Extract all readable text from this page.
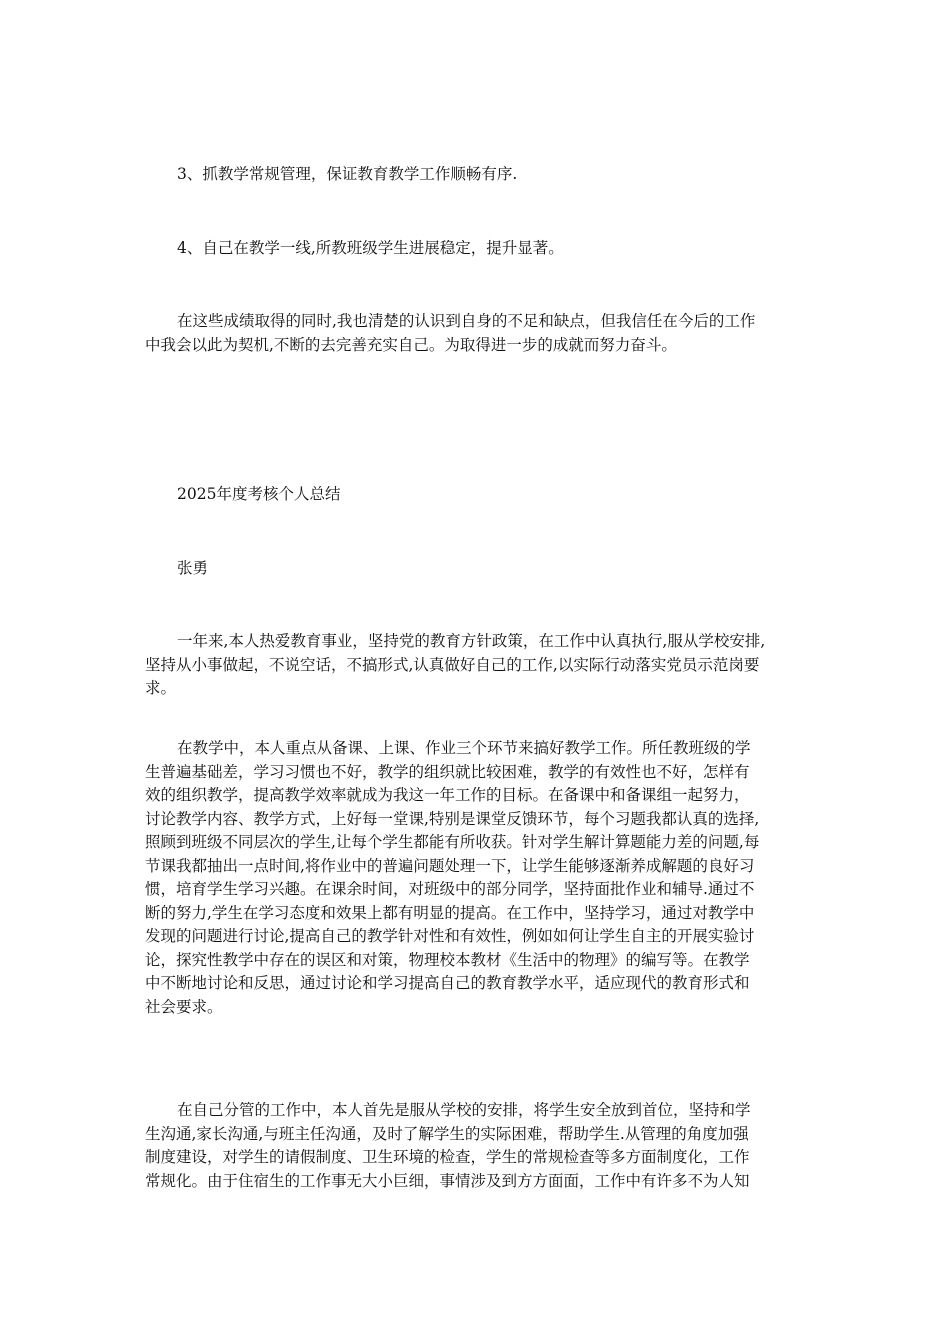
3、抓教学常规管理，保证教育教学工作顺畅有序.

4、自己在教学一线,所教班级学生进展稳定，提升显著。

在这些成绩取得的同时,我也清楚的认识到自身的不足和缺点，但我信任在今后的工作
中我会以此为契机,不断的去完善充实自己。为取得进一步的成就而努力奋斗。

2025年度考核个人总结

张勇

一年来,本人热爱教育事业，坚持党的教育方针政策，在工作中认真执行,服从学校安排,
坚持从小事做起，不说空话，不搞形式,认真做好自己的工作,以实际行动落实党员示范岗要
求。

在教学中，本人重点从备课、上课、作业三个环节来搞好教学工作。所任教班级的学
生普遍基础差，学习习惯也不好，教学的组织就比较困难，教学的有效性也不好，怎样有
效的组织教学，提高教学效率就成为我这一年工作的目标。在备课中和备课组一起努力，
讨论教学内容、教学方式，上好每一堂课,特别是课堂反馈环节，每个习题我都认真的选择,
照顾到班级不同层次的学生,让每个学生都能有所收获。针对学生解计算题能力差的问题,每
节课我都抽出一点时间,将作业中的普遍问题处理一下，让学生能够逐渐养成解题的良好习
惯，培育学生学习兴趣。在课余时间，对班级中的部分同学，坚持面批作业和辅导.通过不
断的努力,学生在学习态度和效果上都有明显的提高。在工作中，坚持学习，通过对教学中
发现的问题进行讨论,提高自己的教学针对性和有效性，例如如何让学生自主的开展实验讨
论，探究性教学中存在的误区和对策，物理校本教材《生活中的物理》的编写等。在教学
中不断地讨论和反思，通过讨论和学习提高自己的教育教学水平，适应现代的教育形式和
社会要求。

在自己分管的工作中，本人首先是服从学校的安排，将学生安全放到首位，坚持和学
生沟通,家长沟通,与班主任沟通，及时了解学生的实际困难，帮助学生.从管理的角度加强
制度建设，对学生的请假制度、卫生环境的检查，学生的常规检查等多方面制度化，工作
常规化。由于住宿生的工作事无大小巨细，事情涉及到方方面面，工作中有许多不为人知
